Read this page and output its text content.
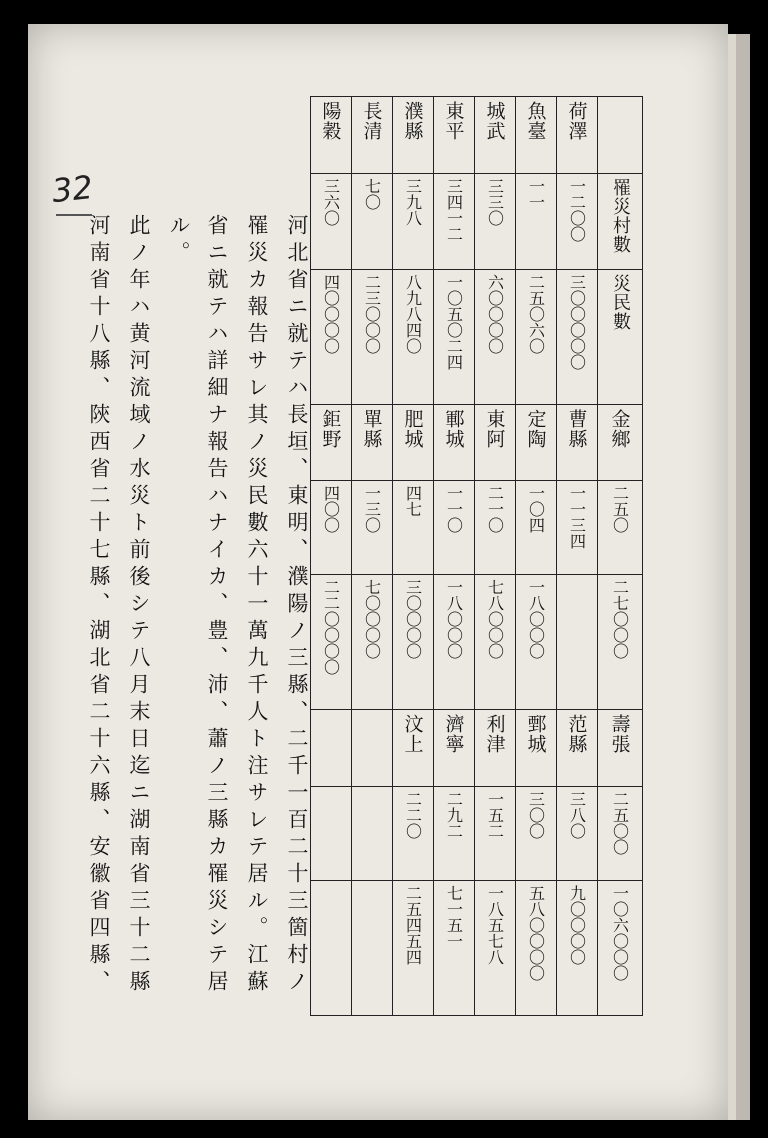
32
陽穀	長清	濮縣	東平	城武	魚臺	荷澤	
三六〇	七〇	三九八	三四一二	三三〇	一一	一二〇〇	罹災村數
四〇〇〇〇	二三〇〇〇	八九八四〇	一〇五〇二四	六〇〇〇〇	二五〇六〇	三〇〇〇〇〇	災民數
鉅野	單縣	肥城	鄆城	東阿	定陶	曹縣	金鄉
四〇〇	一三〇	四七	一一〇	二一〇	一〇四	一一三四	二五〇
二二〇〇〇〇	七〇〇〇〇	三〇〇〇〇	一八〇〇〇	七八〇〇〇	一八〇〇〇		二七〇〇〇
		汶上	濟寧	利津	鄄城	范縣	壽張
		二二〇	二九二	一五二	三〇〇	三八〇	二五〇〇
		二五四五四	七一五一	一八五七八	五八〇〇〇〇	九〇〇〇〇	一〇六〇〇〇
河北省ニ就テハ長垣、東明、濮陽ノ三縣、二千一百二十三箇村ノ
罹災カ報告サレ其ノ災民數六十一萬九千人ト注サレテ居ル。江蘇
省ニ就テハ詳細ナ報告ハナイカ、豊、沛、蕭ノ三縣カ罹災シテ居
ル。
此ノ年ハ黄河流域ノ水災ト前後シテ八月末日迄ニ湖南省三十二縣
河南省十八縣、陝西省二十七縣、湖北省二十六縣、安徽省四縣、
